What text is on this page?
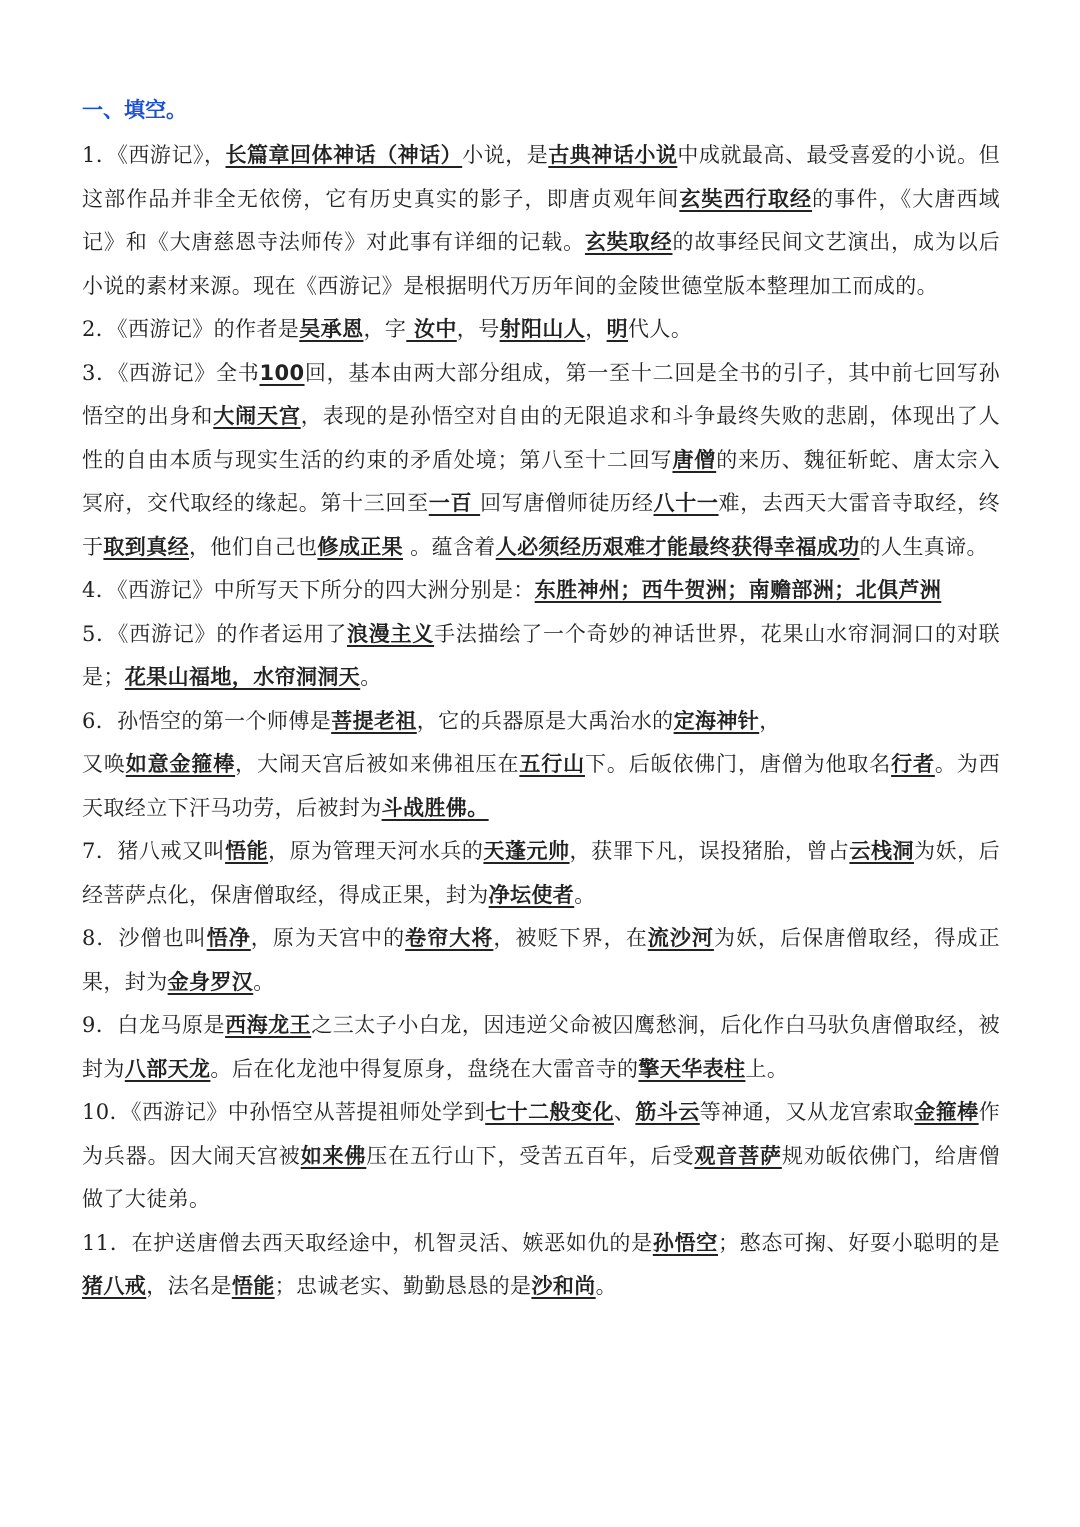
一、填空。

1．《西游记》，长篇章回体神话（神话）小说，是古典神话小说中成就最高、最受喜爱的小说。但这部作品并非全无依傍，它有历史真实的影子，即唐贞观年间玄奘西行取经的事件，《大唐西域记》和《大唐慈恩寺法师传》对此事有详细的记载。玄奘取经的故事经民间文艺演出，成为以后小说的素材来源。现在《西游记》是根据明代万历年间的金陵世德堂版本整理加工而成的。

2．《西游记》的作者是吴承恩，字 汝中，号射阳山人，明代人。

3．《西游记》全书100回，基本由两大部分组成，第一至十二回是全书的引子，其中前七回写孙悟空的出身和大闹天宫，表现的是孙悟空对自由的无限追求和斗争最终失败的悲剧，体现出了人性的自由本质与现实生活的约束的矛盾处境；第八至十二回写唐僧的来历、魏征斩蛇、唐太宗入冥府，交代取经的缘起。第十三回至一百 回写唐僧师徒历经八十一难，去西天大雷音寺取经，终于取到真经，他们自己也修成正果 。蕴含着人必须经历艰难才能最终获得幸福成功的人生真谛。

4．《西游记》中所写天下所分的四大洲分别是：东胜神州；西牛贺洲；南赡部洲；北俱芦洲

5．《西游记》的作者运用了浪漫主义手法描绘了一个奇妙的神话世界，花果山水帘洞洞口的对联是；花果山福地，水帘洞洞天。

6．孙悟空的第一个师傅是菩提老祖，它的兵器原是大禹治水的定海神针，
又唤如意金箍棒，大闹天宫后被如来佛祖压在五行山下。后皈依佛门，唐僧为他取名行者。为西天取经立下汗马功劳，后被封为斗战胜佛。

7．猪八戒又叫悟能，原为管理天河水兵的天蓬元帅，获罪下凡，误投猪胎，曾占云栈洞为妖，后经菩萨点化，保唐僧取经，得成正果，封为净坛使者。

8．沙僧也叫悟净，原为天宫中的卷帘大将，被贬下界，在流沙河为妖，后保唐僧取经，得成正果，封为金身罗汉。

9．白龙马原是西海龙王之三太子小白龙，因违逆父命被囚鹰愁涧，后化作白马驮负唐僧取经，被封为八部天龙。后在化龙池中得复原身，盘绕在大雷音寺的擎天华表柱上。

10．《西游记》中孙悟空从菩提祖师处学到七十二般变化、筋斗云等神通，又从龙宫索取金箍棒作为兵器。因大闹天宫被如来佛压在五行山下，受苦五百年，后受观音菩萨规劝皈依佛门，给唐僧做了大徒弟。

11．在护送唐僧去西天取经途中，机智灵活、嫉恶如仇的是孙悟空；憨态可掬、好耍小聪明的是猪八戒，法名是悟能；忠诚老实、勤勤恳恳的是沙和尚。
